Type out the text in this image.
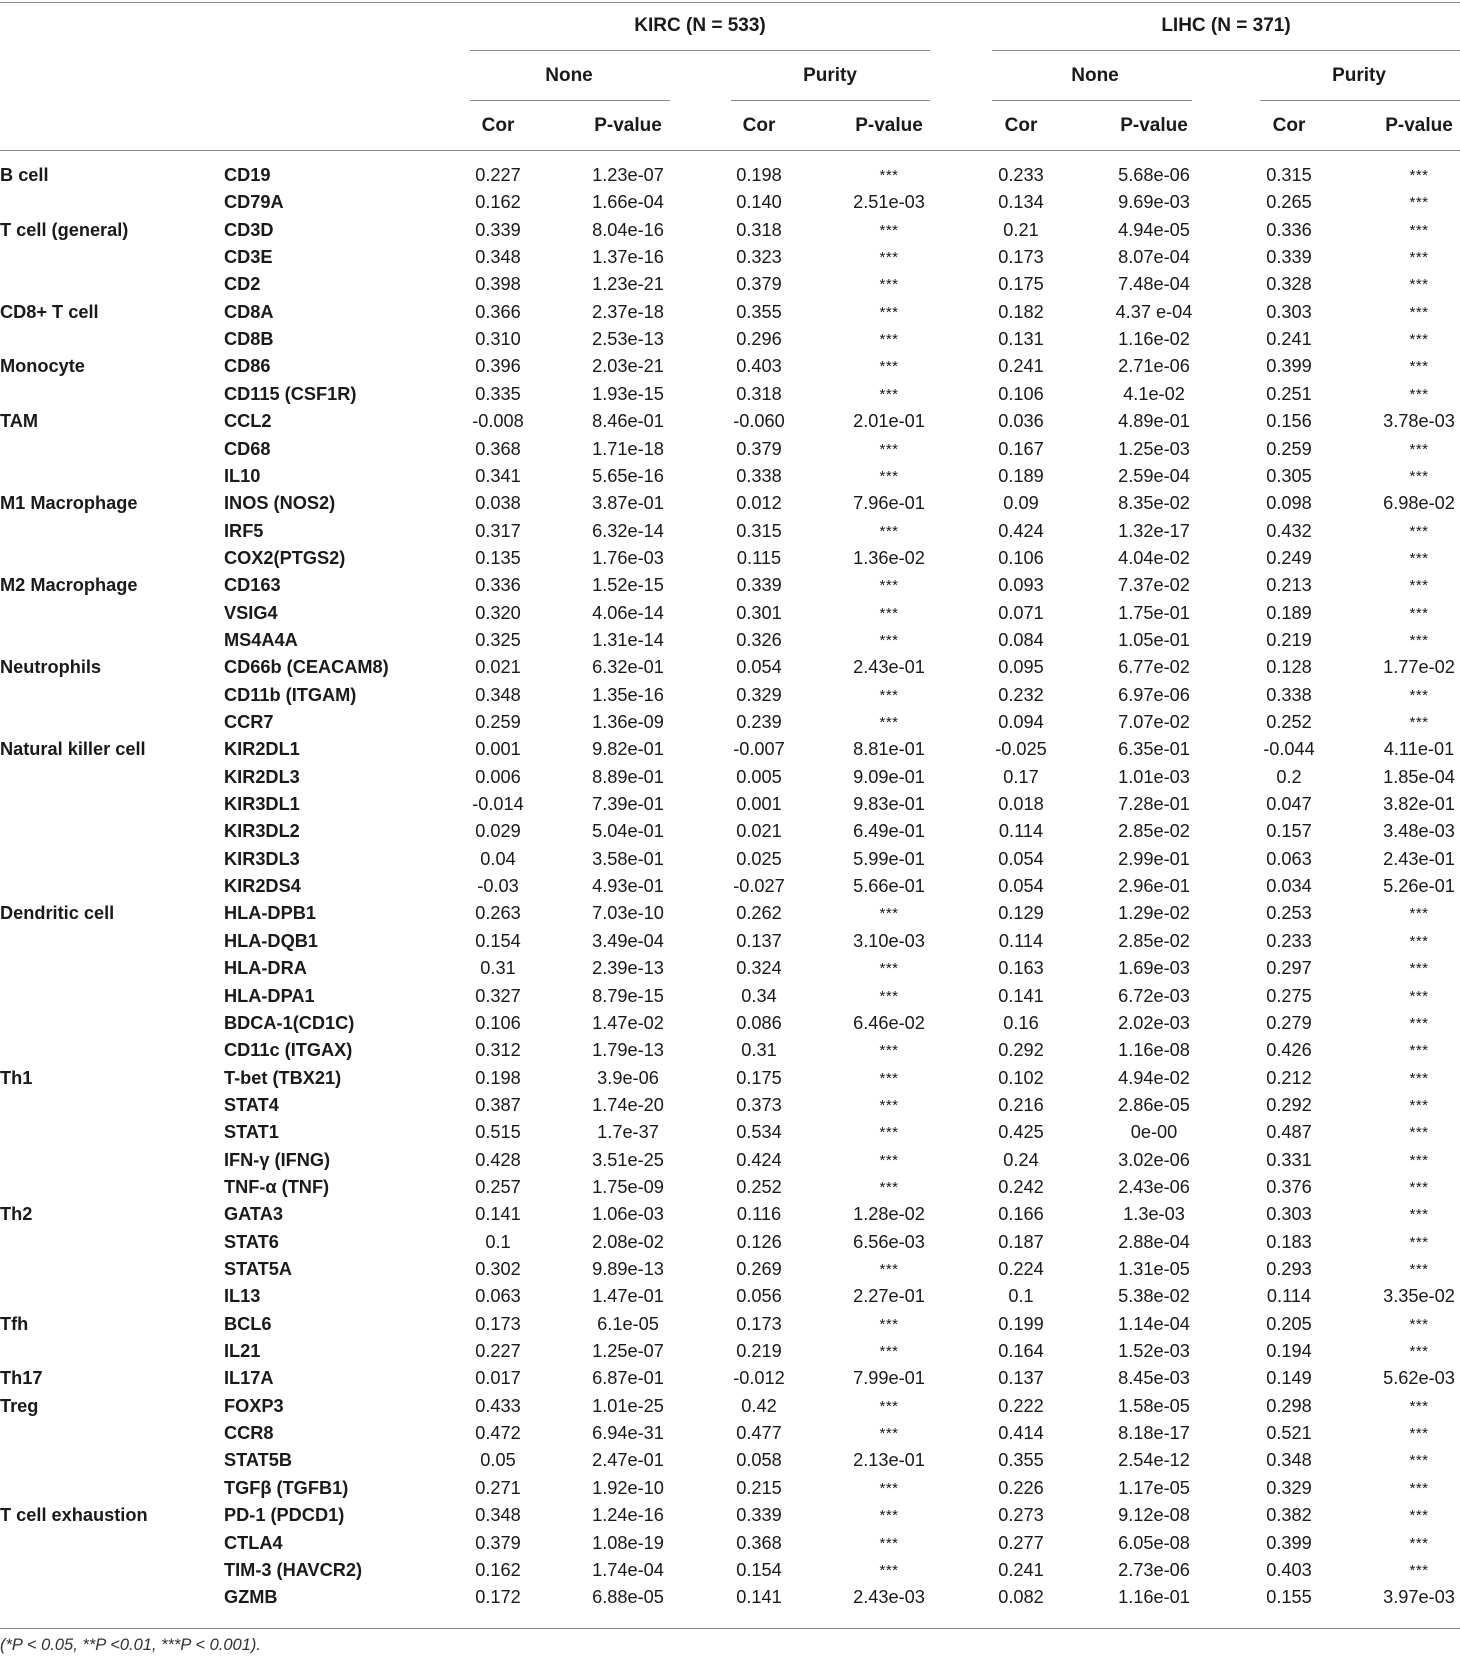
KIRC (N = 533)	LIHC (N = 371)
None	Purity	None	Purity
Cor	P-value	Cor	P-value	Cor	P-value	Cor	P-value
B cell	CD19	0.227	1.23e-07	0.198	***	0.233	5.68e-06	0.315	***
CD79A	0.162	1.66e-04	0.140	2.51e-03	0.134	9.69e-03	0.265	***
T cell (general)	CD3D	0.339	8.04e-16	0.318	***	0.21	4.94e-05	0.336	***
CD3E	0.348	1.37e-16	0.323	***	0.173	8.07e-04	0.339	***
CD2	0.398	1.23e-21	0.379	***	0.175	7.48e-04	0.328	***
CD8+ T cell	CD8A	0.366	2.37e-18	0.355	***	0.182	4.37 e-04	0.303	***
CD8B	0.310	2.53e-13	0.296	***	0.131	1.16e-02	0.241	***
Monocyte	CD86	0.396	2.03e-21	0.403	***	0.241	2.71e-06	0.399	***
CD115 (CSF1R)	0.335	1.93e-15	0.318	***	0.106	4.1e-02	0.251	***
TAM	CCL2	-0.008	8.46e-01	-0.060	2.01e-01	0.036	4.89e-01	0.156	3.78e-03
CD68	0.368	1.71e-18	0.379	***	0.167	1.25e-03	0.259	***
IL10	0.341	5.65e-16	0.338	***	0.189	2.59e-04	0.305	***
M1 Macrophage	INOS (NOS2)	0.038	3.87e-01	0.012	7.96e-01	0.09	8.35e-02	0.098	6.98e-02
IRF5	0.317	6.32e-14	0.315	***	0.424	1.32e-17	0.432	***
COX2(PTGS2)	0.135	1.76e-03	0.115	1.36e-02	0.106	4.04e-02	0.249	***
M2 Macrophage	CD163	0.336	1.52e-15	0.339	***	0.093	7.37e-02	0.213	***
VSIG4	0.320	4.06e-14	0.301	***	0.071	1.75e-01	0.189	***
MS4A4A	0.325	1.31e-14	0.326	***	0.084	1.05e-01	0.219	***
Neutrophils	CD66b (CEACAM8)	0.021	6.32e-01	0.054	2.43e-01	0.095	6.77e-02	0.128	1.77e-02
CD11b (ITGAM)	0.348	1.35e-16	0.329	***	0.232	6.97e-06	0.338	***
CCR7	0.259	1.36e-09	0.239	***	0.094	7.07e-02	0.252	***
Natural killer cell	KIR2DL1	0.001	9.82e-01	-0.007	8.81e-01	-0.025	6.35e-01	-0.044	4.11e-01
KIR2DL3	0.006	8.89e-01	0.005	9.09e-01	0.17	1.01e-03	0.2	1.85e-04
KIR3DL1	-0.014	7.39e-01	0.001	9.83e-01	0.018	7.28e-01	0.047	3.82e-01
KIR3DL2	0.029	5.04e-01	0.021	6.49e-01	0.114	2.85e-02	0.157	3.48e-03
KIR3DL3	0.04	3.58e-01	0.025	5.99e-01	0.054	2.99e-01	0.063	2.43e-01
KIR2DS4	-0.03	4.93e-01	-0.027	5.66e-01	0.054	2.96e-01	0.034	5.26e-01
Dendritic cell	HLA-DPB1	0.263	7.03e-10	0.262	***	0.129	1.29e-02	0.253	***
HLA-DQB1	0.154	3.49e-04	0.137	3.10e-03	0.114	2.85e-02	0.233	***
HLA-DRA	0.31	2.39e-13	0.324	***	0.163	1.69e-03	0.297	***
HLA-DPA1	0.327	8.79e-15	0.34	***	0.141	6.72e-03	0.275	***
BDCA-1(CD1C)	0.106	1.47e-02	0.086	6.46e-02	0.16	2.02e-03	0.279	***
CD11c (ITGAX)	0.312	1.79e-13	0.31	***	0.292	1.16e-08	0.426	***
Th1	T-bet (TBX21)	0.198	3.9e-06	0.175	***	0.102	4.94e-02	0.212	***
STAT4	0.387	1.74e-20	0.373	***	0.216	2.86e-05	0.292	***
STAT1	0.515	1.7e-37	0.534	***	0.425	0e-00	0.487	***
IFN-γ (IFNG)	0.428	3.51e-25	0.424	***	0.24	3.02e-06	0.331	***
TNF-α (TNF)	0.257	1.75e-09	0.252	***	0.242	2.43e-06	0.376	***
Th2	GATA3	0.141	1.06e-03	0.116	1.28e-02	0.166	1.3e-03	0.303	***
STAT6	0.1	2.08e-02	0.126	6.56e-03	0.187	2.88e-04	0.183	***
STAT5A	0.302	9.89e-13	0.269	***	0.224	1.31e-05	0.293	***
IL13	0.063	1.47e-01	0.056	2.27e-01	0.1	5.38e-02	0.114	3.35e-02
Tfh	BCL6	0.173	6.1e-05	0.173	***	0.199	1.14e-04	0.205	***
IL21	0.227	1.25e-07	0.219	***	0.164	1.52e-03	0.194	***
Th17	IL17A	0.017	6.87e-01	-0.012	7.99e-01	0.137	8.45e-03	0.149	5.62e-03
Treg	FOXP3	0.433	1.01e-25	0.42	***	0.222	1.58e-05	0.298	***
CCR8	0.472	6.94e-31	0.477	***	0.414	8.18e-17	0.521	***
STAT5B	0.05	2.47e-01	0.058	2.13e-01	0.355	2.54e-12	0.348	***
TGFβ (TGFB1)	0.271	1.92e-10	0.215	***	0.226	1.17e-05	0.329	***
T cell exhaustion	PD-1 (PDCD1)	0.348	1.24e-16	0.339	***	0.273	9.12e-08	0.382	***
CTLA4	0.379	1.08e-19	0.368	***	0.277	6.05e-08	0.399	***
TIM-3 (HAVCR2)	0.162	1.74e-04	0.154	***	0.241	2.73e-06	0.403	***
GZMB	0.172	6.88e-05	0.141	2.43e-03	0.082	1.16e-01	0.155	3.97e-03
(*P < 0.05, **P <0.01, ***P < 0.001).
